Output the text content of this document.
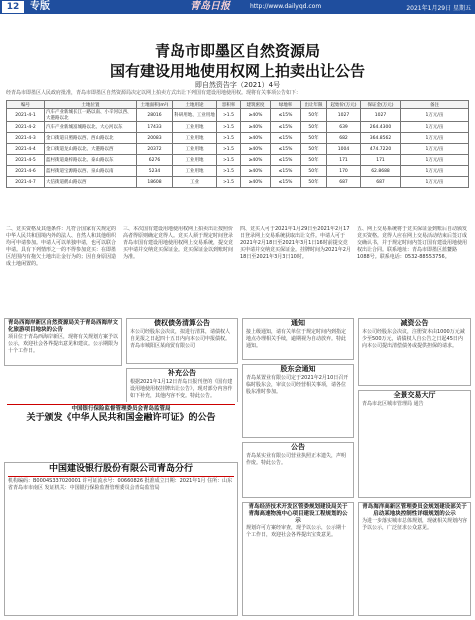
12	专版	青岛日报	http://www.dailyqd.com	2021年1月29日 星期五
青岛市即墨区自然资源局
国有建设用地使用权网上拍卖出让公告
即自然资告字（2021）4号
经青岛市即墨区人民政府批准，青岛市即墨区自然资源局决定以网上拍卖方式出让下列国有建设用地使用权。现将有关事项公告如下：
编号	土地位置	土地面积(m²)	土地用途	容积率	建筑密度	绿地率	出让年限	起始价(万元)	保证金(万元)	备注
2021-4-1	汽车产业新城长江一路以南、小辛河以西、大港路以北	28016	科研用地、工业用地	>1.5	≥40%	≤15%	50年	1027	1027	1万元/亩
2021-4-2	汽车产业新城富城路以北、大心河以东	17433	工业用地	>1.5	≥40%	≤15%	50年	639	264.4300	1万元/亩
2021-4-3	金口街道日照路以西、西山路以北	20083	工业用地	>1.5	≥40%	≤15%	50年	682	364.8562	1万元/亩
2021-4-4	金口街道龙山路以北、大港路以西	20372	工业用地	>1.5	≥40%	≤15%	50年	1004	474.7220	1万元/亩
2021-4-5	蓝村街道桑梓路以北、泰山路以东	6276	工业用地	>1.5	≥40%	≤15%	50年	171	171	1万元/亩
2021-4-6	蓝村街道宝源路以西、泉山路以南	5234	工业用地	>1.5	≥40%	≤15%	50年	170	62.8688	1万元/亩
2021-4-7	大信街道鹤山路以西	18608	工业	>1.5	≥40%	≤15%	50年	687	687	1万元/亩

二、竞买资格及其他条件：凡符合国家有关规定的中华人民共和国境内外的法人、自然人和其他组织均可申请参加。申请人可以单独申请，也可以联合申请。具有下列情形之一的不得参加竞买：在即墨区范围内有拖欠土地出让金行为的；因自身原因造成土地闲置的。

三、本次国有建设用地使用权网上拍卖出让按照价高者得原则确定竞得人。竞买人须于规定时间登录青岛市国有建设用地使用权网上交易系统，提交竞买申请并交纳竞买保证金。竞买保证金以到账时间为准。

四、竞买人可于2021年1月29日至2021年2月17日登录网上交易系统获取出让文件。申请人可于2021年2月18日至2021年3月1日16时前提交竞买申请并交纳竞买保证金。挂牌时间为2021年2月18日至2021年3月3日10时。

五、网上交易系统将于竞买保证金到账后自动颁发竞买资格。竞得人应在网上交易活动结束后签订成交确认书，并于规定时间内签订国有建设用地使用权出让合同。联系地址：青岛市即墨区蓝鳌路1088号。联系电话：0532-88553756。

青岛西海岸新区自然资源局关于青岛西海岸文化旅游项目地块的公告
项目位于青岛西海岸新区，现将有关规划方案予以公示，欢迎社会各界提出意见和建议。公示期限为十个工作日。
债权债务清算公告
本公司经股东会决议，拟进行清算，请债权人自见报之日起四十五日内向本公司申报债权。青岛市城阳区某商贸有限公司
通知
接上级通知，请有关单位于规定时间内到指定地点办理相关手续，逾期视为自动放弃。特此通知。
减资公告
本公司经股东会决议，注册资本由1000万元减少至500万元，请债权人自公告之日起45日内向本公司提出清偿债务或提供担保的请求。
补充公告
根据2021年1月12日青岛日报刊登的《国有建设用地使用权挂牌出让公告》，现对部分内容作如下补充，其他内容不变。特此公告。
中国银行保险监督管理委员会青岛监管局
关于颁发《中华人民共和国金融许可证》的公告
中国建设银行股份有限公司青岛分行
机构编码：B0004S337020001 许可证流水号：00660826 批准成立日期：2021年1月 住所：山东省青岛市市南区 发证机关：中国银行保险监督管理委员会青岛监管局
股东会通知
青岛某置业有限公司定于2021年2月10日召开临时股东会，审议公司经营相关事项，请各位股东准时参加。
公告
青岛某实业有限公司营业执照正本遗失，声明作废。特此公告。
全景交易大厅
青岛市北区城市管理局 通告
青岛经济技术开发区管委规划建设局关于青海高速物流中心项目建设工程规划的公示
规划许可方案经审查，现予以公示，公示期十个工作日，欢迎社会各界提出宝贵意见。
青岛海洋高新区管理委员会规划建设部关于启动某地块控制性详细规划的公示
为进一步落实城市总体规划，现就相关规划内容予以公示，广泛征求公众意见。
